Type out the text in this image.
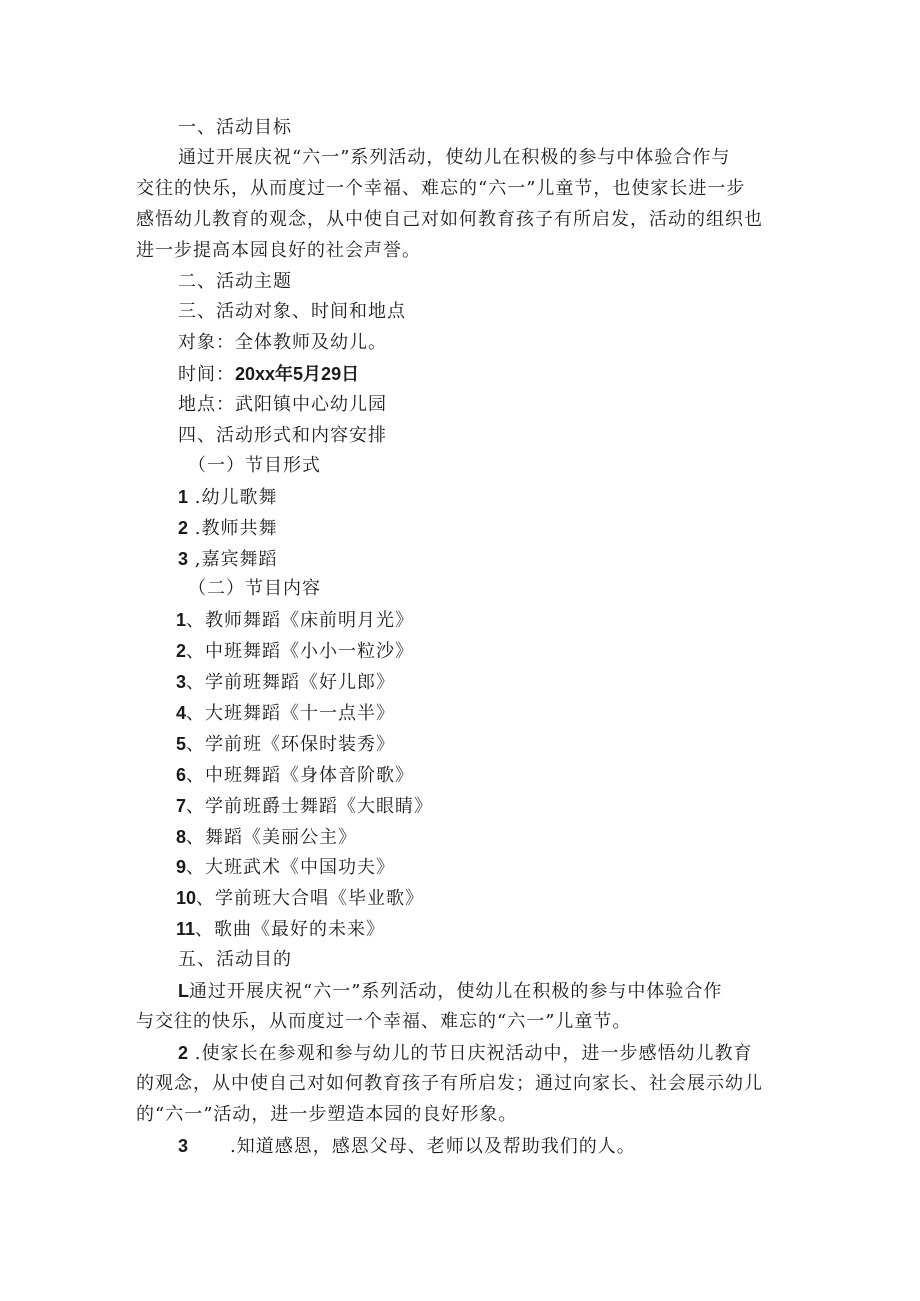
一、活动目标
通过开展庆祝“六一”系列活动，使幼儿在积极的参与中体验合作与
交往的快乐，从而度过一个幸福、难忘的“六一”儿童节，也使家长进一步
感悟幼儿教育的观念，从中使自己对如何教育孩子有所启发，活动的组织也
进一步提高本园良好的社会声誉。
二、活动主题
三、活动对象、时间和地点
对象：全体教师及幼儿。
时间：20xx年5月29日
地点：武阳镇中心幼儿园
四、活动形式和内容安排
（一）节目形式
1 .幼儿歌舞
2 .教师共舞
3 ,嘉宾舞蹈
（二）节目内容
1、教师舞蹈《床前明月光》
2、中班舞蹈《小小一粒沙》
3、学前班舞蹈《好儿郎》
4、大班舞蹈《十一点半》
5、学前班《环保时装秀》
6、中班舞蹈《身体音阶歌》
7、学前班爵士舞蹈《大眼睛》
8、舞蹈《美丽公主》
9、大班武术《中国功夫》
10、学前班大合唱《毕业歌》
11、歌曲《最好的未来》
五、活动目的
L通过开展庆祝“六一”系列活动，使幼儿在积极的参与中体验合作
与交往的快乐，从而度过一个幸福、难忘的“六一”儿童节。
2 .使家长在参观和参与幼儿的节日庆祝活动中，进一步感悟幼儿教育
的观念，从中使自己对如何教育孩子有所启发；通过向家长、社会展示幼儿
的“六一”活动，进一步塑造本园的良好形象。
3 .知道感恩，感恩父母、老师以及帮助我们的人。
